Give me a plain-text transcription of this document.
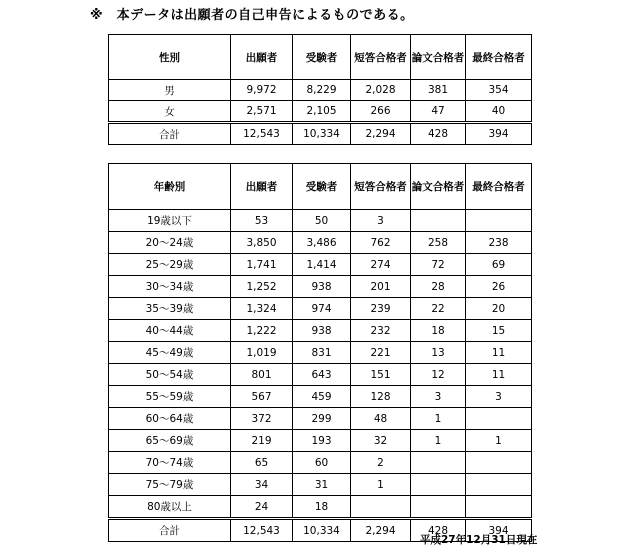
※　本データは出願者の自己申告によるものである。
性別	出願者	受験者	短答合格者	論文合格者	最終合格者
男	9,972	8,229	2,028	381	354
女	2,571	2,105	266	47	40
合計	12,543	10,334	2,294	428	394
年齢別	出願者	受験者	短答合格者	論文合格者	最終合格者
19歳以下	53	50	3		
20～24歳	3,850	3,486	762	258	238
25～29歳	1,741	1,414	274	72	69
30～34歳	1,252	938	201	28	26
35～39歳	1,324	974	239	22	20
40～44歳	1,222	938	232	18	15
45～49歳	1,019	831	221	13	11
50～54歳	801	643	151	12	11
55～59歳	567	459	128	3	3
60～64歳	372	299	48	1	
65～69歳	219	193	32	1	1
70～74歳	65	60	2		
75～79歳	34	31	1		
80歳以上	24	18			
合計	12,543	10,334	2,294	428	394
平成27年12月31日現在
